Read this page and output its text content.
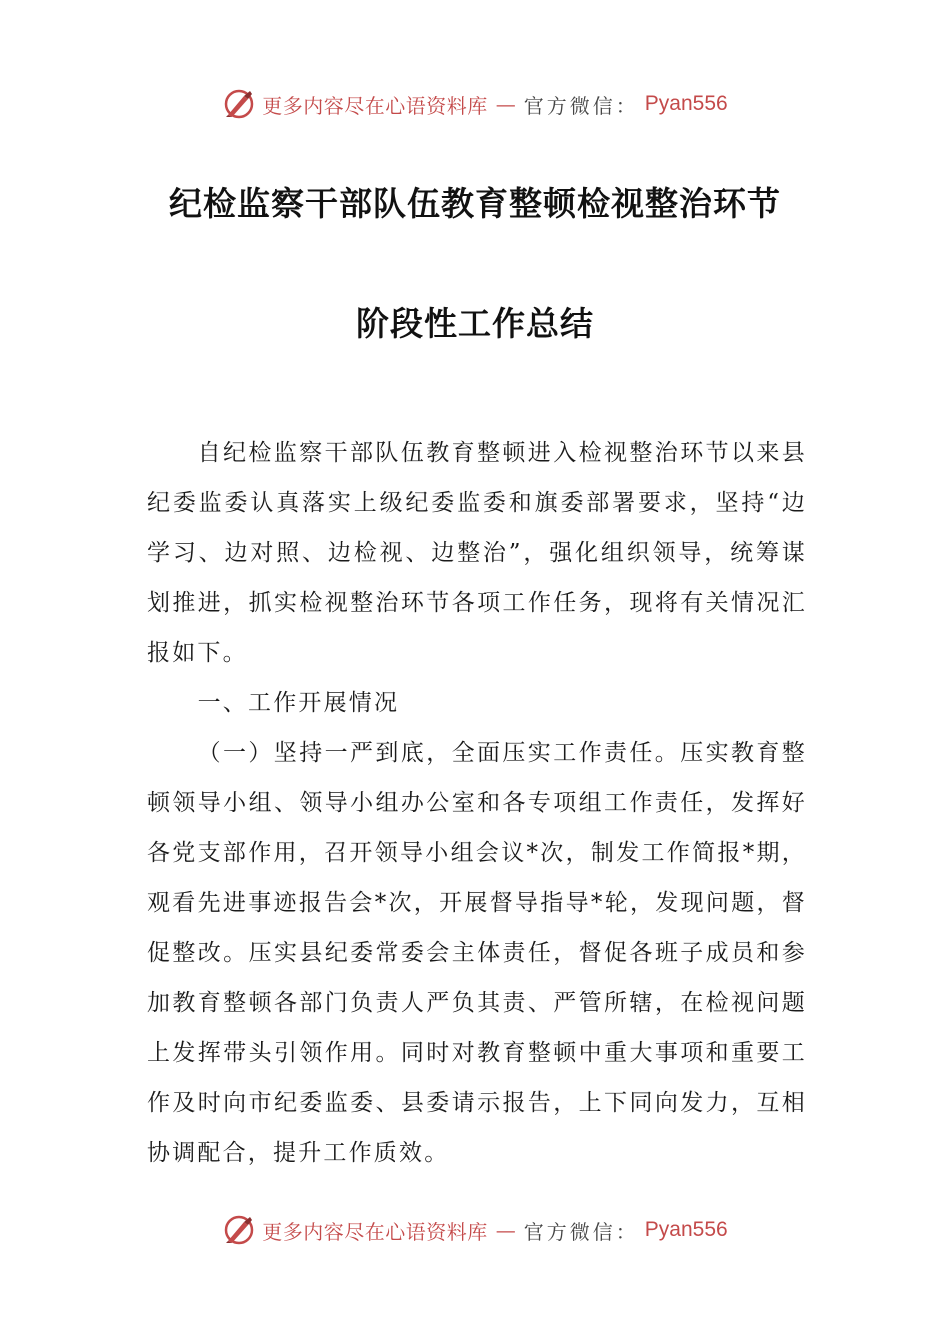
更多内容尽在心语资料库 — 官方微信： Pyan556
纪检监察干部队伍教育整顿检视整治环节
阶段性工作总结

自纪检监察干部队伍教育整顿进入检视整治环节以来县纪委监委认真落实上级纪委监委和旗委部署要求，坚持“边学习、边对照、边检视、边整治”，强化组织领导，统筹谋划推进，抓实检视整治环节各项工作任务，现将有关情况汇报如下。

一、工作开展情况

（一）坚持一严到底，全面压实工作责任。压实教育整顿领导小组、领导小组办公室和各专项组工作责任，发挥好各党支部作用，召开领导小组会议*次，制发工作简报*期，观看先进事迹报告会*次，开展督导指导*轮，发现问题，督促整改。压实县纪委常委会主体责任，督促各班子成员和参加教育整顿各部门负责人严负其责、严管所辖，在检视问题上发挥带头引领作用。同时对教育整顿中重大事项和重要工作及时向市纪委监委、县委请示报告，上下同向发力，互相协调配合，提升工作质效。

更多内容尽在心语资料库 — 官方微信： Pyan556
